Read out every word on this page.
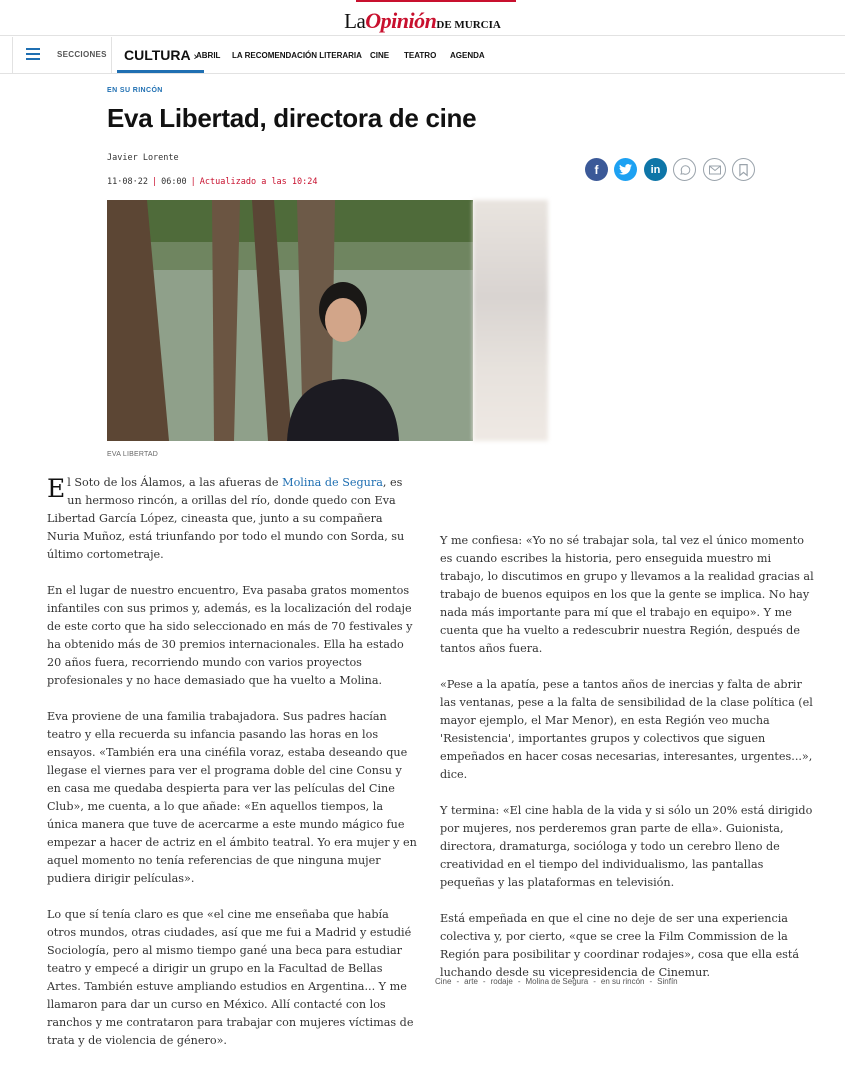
LaOpiniónDE MURCIA
SECCIONES	CULTURA ›
ABRIL LA RECOMENDACIÓN LITERARIA CINE TEATRO AGENDA
EN SU RINCÓN
Eva Libertad, directora de cine
Javier Lorente
11·08·22 | 06:00 | Actualizado a las 10:24
f	in
EVA LIBERTAD

El Soto de los Álamos, a las afueras de Molina de Segura, es un hermoso rincón, a orillas del río, donde quedo con Eva Libertad García López, cineasta que, junto a su compañera Nuria Muñoz, está triunfando por todo el mundo con Sorda, su último cortometraje.

En el lugar de nuestro encuentro, Eva pasaba gratos momentos infantiles con sus primos y, además, es la localización del rodaje de este corto que ha sido seleccionado en más de 70 festivales y ha obtenido más de 30 premios internacionales. Ella ha estado 20 años fuera, recorriendo mundo con varios proyectos profesionales y no hace demasiado que ha vuelto a Molina.

Eva proviene de una familia trabajadora. Sus padres hacían teatro y ella recuerda su infancia pasando las horas en los ensayos. «También era una cinéfila voraz, estaba deseando que llegase el viernes para ver el programa doble del cine Consu y en casa me quedaba despierta para ver las películas del Cine Club», me cuenta, a lo que añade: «En aquellos tiempos, la única manera que tuve de acercarme a este mundo mágico fue empezar a hacer de actriz en el ámbito teatral. Yo era mujer y en aquel momento no tenía referencias de que ninguna mujer pudiera dirigir películas».

Lo que sí tenía claro es que «el cine me enseñaba que había otros mundos, otras ciudades, así que me fui a Madrid y estudié Sociología, pero al mismo tiempo gané una beca para estudiar teatro y empecé a dirigir un grupo en la Facultad de Bellas Artes. También estuve ampliando estudios en Argentina... Y me llamaron para dar un curso en México. Allí contacté con los ranchos y me contrataron para trabajar con mujeres víctimas de trata y de violencia de género».

Y me confiesa: «Yo no sé trabajar sola, tal vez el único momento es cuando escribes la historia, pero enseguida muestro mi trabajo, lo discutimos en grupo y llevamos a la realidad gracias al trabajo de buenos equipos en los que la gente se implica. No hay nada más importante para mí que el trabajo en equipo». Y me cuenta que ha vuelto a redescubrir nuestra Región, después de tantos años fuera.

«Pese a la apatía, pese a tantos años de inercias y falta de abrir las ventanas, pese a la falta de sensibilidad de la clase política (el mayor ejemplo, el Mar Menor), en esta Región veo mucha 'Resistencia', importantes grupos y colectivos que siguen empeñados en hacer cosas necesarias, interesantes, urgentes...», dice.

Y termina: «El cine habla de la vida y si sólo un 20% está dirigido por mujeres, nos perderemos gran parte de ella». Guionista, directora, dramaturga, socióloga y todo un cerebro lleno de creatividad en el tiempo del individualismo, las pantallas pequeñas y las plataformas en televisión.

Está empeñada en que el cine no deje de ser una experiencia colectiva y, por cierto, «que se cree la Film Commission de la Región para posibilitar y coordinar rodajes», cosa que ella está luchando desde su vicepresidencia de Cinemur.

Cine - arte - rodaje - Molina de Segura - en su rincón - Sinfín
